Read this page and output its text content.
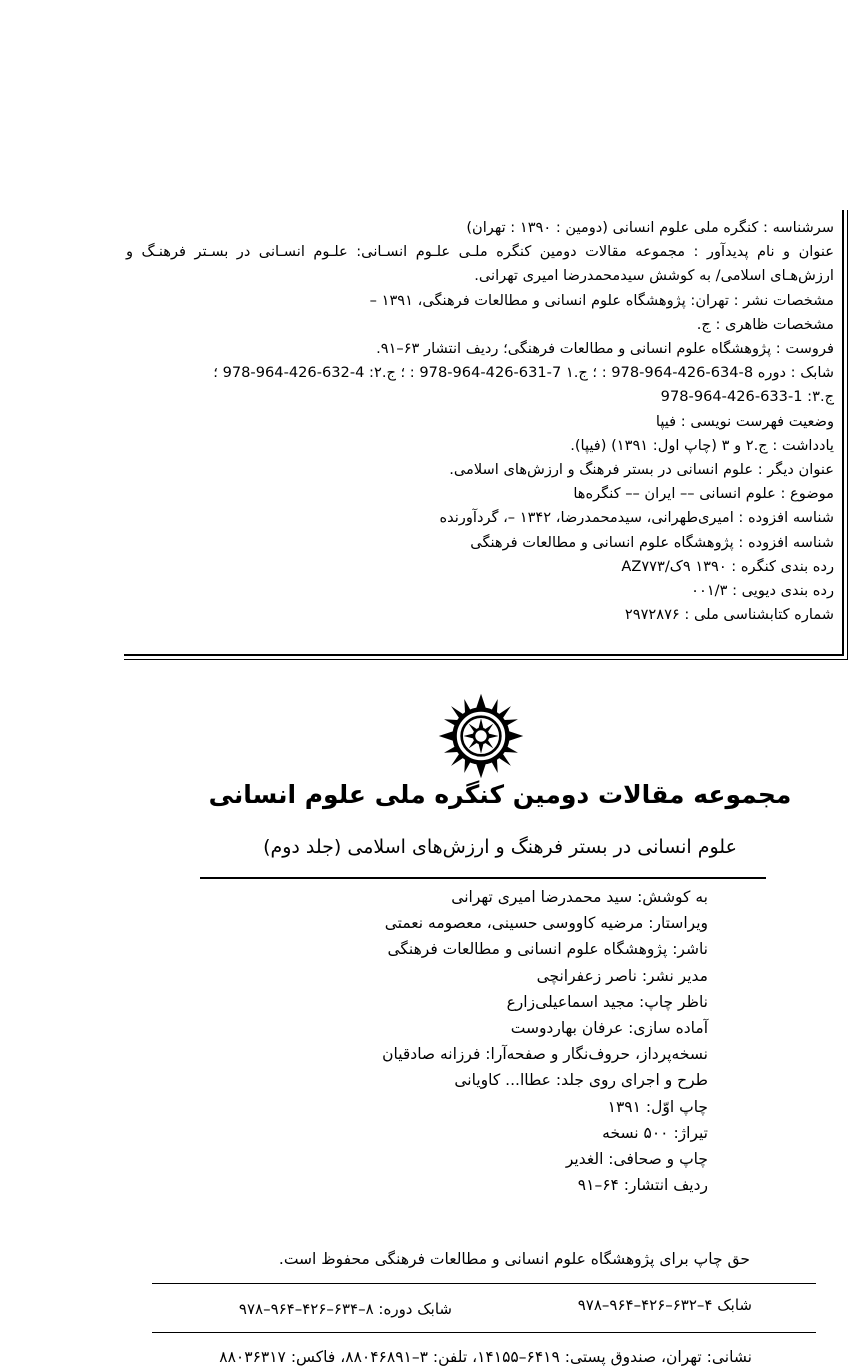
سرشناسه : کنگره ملی علوم انسانی (دومین : ۱۳۹۰ : تهران)
عنوان و نام پدیدآور : مجموعه مقالات دومین کنگره ملـی علـوم انسـانی: علـوم انسـانی در بسـتر فرهنـگ و ارزش‌هـای اسلامی/ به کوشش سیدمحمدرضا امیری تهرانی.
مشخصات نشر : تهران: پژوهشگاه علوم انسانی و مطالعات فرهنگی، ۱۳۹۱ –
مشخصات ظاهری : ج.
فروست : پژوهشگاه علوم انسانی و مطالعات فرهنگی؛ ردیف انتشار ۶۳–۹۱.
شابک : دوره 8-634-426-964-978 : ؛ ج.۱ 7-631-426-964-978 : ؛ ج.۲: 4-632-426-964-978 ؛
ج.۳: 1-633-426-964-978
وضعیت فهرست نویسی : فیپا
یادداشت : ج.۲ و ۳ (چاپ اول: ۱۳۹۱) (فیپا).
عنوان دیگر : علوم انسانی در بستر فرهنگ و ارزش‌های اسلامی.
موضوع : علوم انسانی –– ایران –– کنگره‌ها
شناسه افزوده : امیری‌طهرانی، سیدمحمدرضا، ۱۳۴۲ –، گردآورنده
شناسه افزوده : پژوهشگاه علوم انسانی و مطالعات فرهنگی
رده بندی کنگره : ۱۳۹۰ ۹ک/AZ۷۷۳
رده بندی دیویی : ۰۰۱/۳
شماره کتابشناسی ملی : ۲۹۷۲۸۷۶
مجموعه مقالات دومین کنگره ملی علوم انسانی
علوم انسانی در بستر فرهنگ و ارزش‌های اسلامی (جلد دوم)
به کوشش: سید محمدرضا امیری تهرانی
ویراستار: مرضیه کاووسی حسینی، معصومه نعمتی
ناشر: پژوهشگاه علوم انسانی و مطالعات فرهنگی
مدیر نشر: ناصر زعفرانچی
ناظر چاپ: مجید اسماعیلی‌زارع
آماده سازی: عرفان بهاردوست
نسخه‌پرداز، حروف‌نگار و صفحه‌آرا: فرزانه صادقیان
طرح و اجرای روی جلد: عطاا... کاویانی
چاپ اوّل: ۱۳۹۱
تیراژ: ۵۰۰ نسخه
چاپ و صحافی: الغدیر
ردیف انتشار: ۶۴–۹۱
حق چاپ برای پژوهشگاه علوم انسانی و مطالعات فرهنگی محفوظ است.
شابک ۴–۶۳۲–۴۲۶–۹۶۴–۹۷۸
شابک دوره: ۸–۶۳۴–۴۲۶–۹۶۴–۹۷۸
نشانی: تهران، صندوق پستی: ۶۴۱۹–۱۴۱۵۵، تلفن: ۳–۸۸۰۴۶۸۹۱، فاکس: ۸۸۰۳۶۳۱۷
